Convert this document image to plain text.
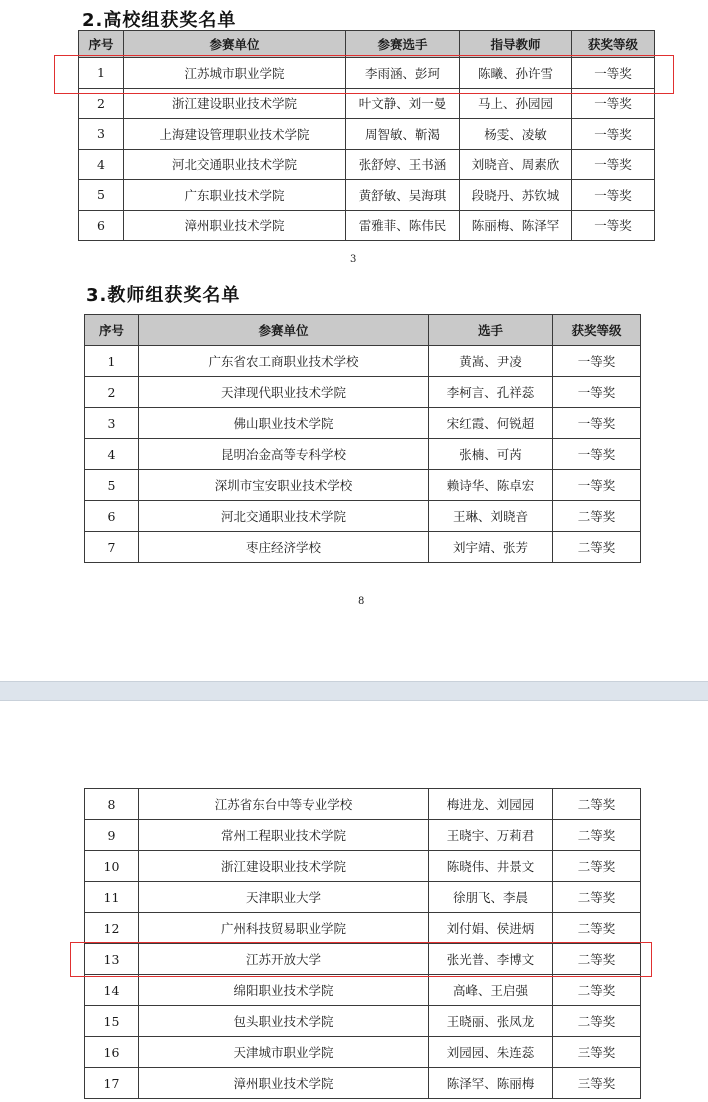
2.高校组获奖名单
序号	参赛单位	参赛选手	指导教师	获奖等级
1	江苏城市职业学院	李雨涵、彭珂	陈曦、孙许雪	一等奖
2	浙江建设职业技术学院	叶文静、刘一曼	马上、孙园园	一等奖
3	上海建设管理职业技术学院	周智敏、靳渴	杨雯、凌敏	一等奖
4	河北交通职业技术学院	张舒婷、王书涵	刘晓音、周素欣	一等奖
5	广东职业技术学院	黄舒敏、吴海琪	段晓丹、苏钦城	一等奖
6	漳州职业技术学院	雷雅菲、陈伟民	陈丽梅、陈泽罕	一等奖
3
3.教师组获奖名单
序号	参赛单位	选手	获奖等级
1	广东省农工商职业技术学校	黄嵩、尹凌	一等奖
2	天津现代职业技术学院	李柯言、孔祥蕊	一等奖
3	佛山职业技术学院	宋红霞、何锐超	一等奖
4	昆明冶金高等专科学校	张楠、可芮	一等奖
5	深圳市宝安职业技术学校	赖诗华、陈卓宏	一等奖
6	河北交通职业技术学院	王琳、刘晓音	二等奖
7	枣庄经济学校	刘宇靖、张芳	二等奖
8
8	江苏省东台中等专业学校	梅进龙、刘园园	二等奖
9	常州工程职业技术学院	王晓宇、万莉君	二等奖
10	浙江建设职业技术学院	陈晓伟、井景文	二等奖
11	天津职业大学	徐朋飞、李晨	二等奖
12	广州科技贸易职业学院	刘付娟、侯进炳	二等奖
13	江苏开放大学	张光普、李博文	二等奖
14	绵阳职业技术学院	高峰、王启强	二等奖
15	包头职业技术学院	王晓丽、张凤龙	二等奖
16	天津城市职业学院	刘园园、朱连蕊	三等奖
17	漳州职业技术学院	陈泽罕、陈丽梅	三等奖
